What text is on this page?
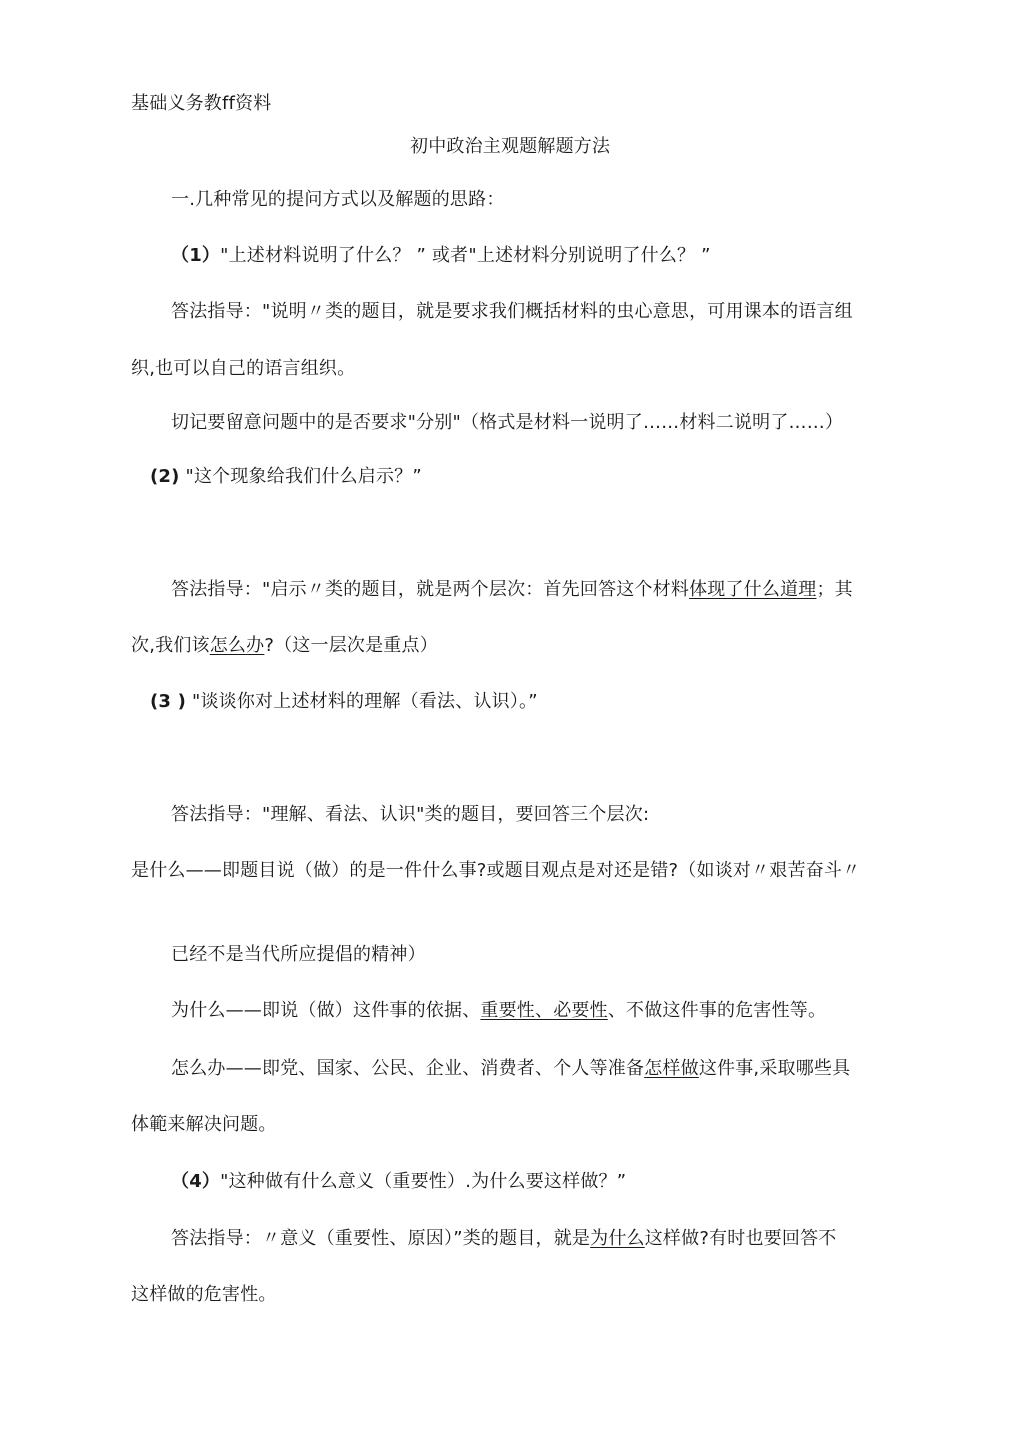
基础义务教ff资料
初中政治主观题解题方法
一.几种常见的提问方式以及解题的思路：
（1）"上述材料说明了什么？ ” 或者"上述材料分别说明了什么？ ”
答法指导："说明〃类的题目，就是要求我们概括材料的虫心意思，可用课本的语言组
织,也可以自己的语言组织。
切记要留意问题中的是否要求"分别"（格式是材料一说明了……材料二说明了……）
(2) "这个现象给我们什么启示？”
答法指导："启示〃类的题目，就是两个层次：首先回答这个材料体现了什么道理；其
次,我们该怎么办?（这一层次是重点）
(3 ) "谈谈你对上述材料的理解（看法、认识）。”
答法指导："理解、看法、认识"类的题目，要回答三个层次:
是什么——即题目说（做）的是一件什么事?或题目观点是对还是错?（如谈对〃艰苦奋斗〃
已经不是当代所应提倡的精神）
为什么——即说（做）这件事的依据、重要性、必要性、不做这件事的危害性等。
怎么办——即党、国家、公民、企业、消费者、个人等准备怎样做这件事,采取哪些具
体範来解决问题。
（4）"这种做有什么意义（重要性）.为什么要这样做？”
答法指导：〃意义（重要性、原因）”类的题目，就是为什么这样做?有时也要回答不
这样做的危害性。
